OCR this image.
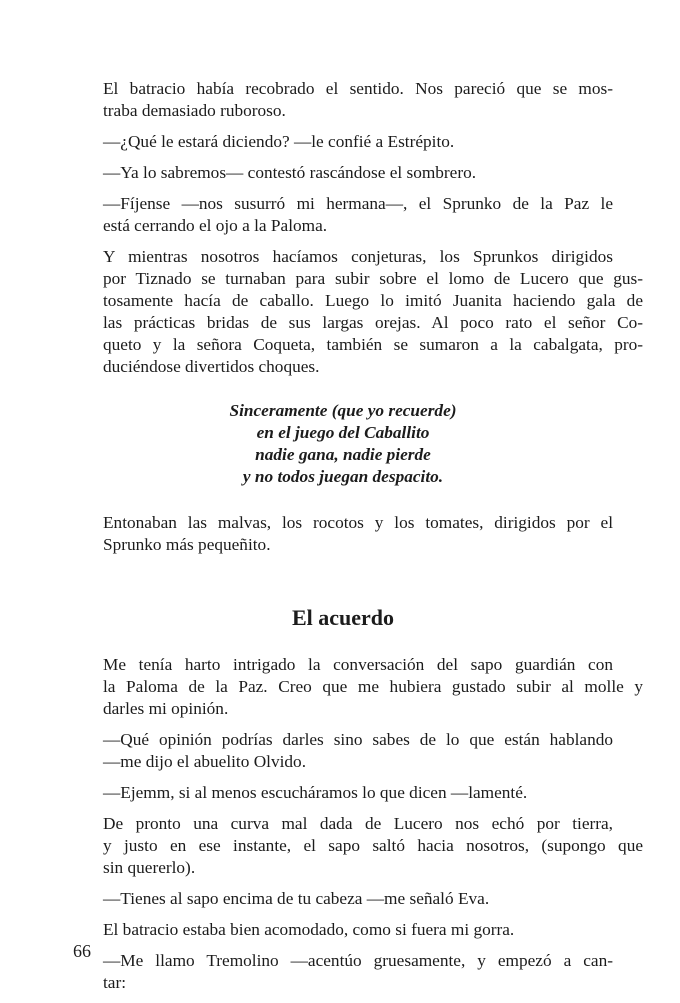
El batracio había recobrado el sentido. Nos pareció que se mos-
traba demasiado ruboroso.

—¿Qué le estará diciendo? —le confié a Estrépito.

—Ya lo sabremos— contestó rascándose el sombrero.

—Fíjense —nos susurró mi hermana—, el Sprunko de la Paz le
está cerrando el ojo a la Paloma.

Y mientras nosotros hacíamos conjeturas, los Sprunkos dirigidos
por Tiznado se turnaban para subir sobre el lomo de Lucero que gus-
tosamente hacía de caballo. Luego lo imitó Juanita haciendo gala de
las prácticas bridas de sus largas orejas. Al poco rato el señor Co-
queto y la señora Coqueta, también se sumaron a la cabalgata, pro-
duciéndose divertidos choques.

Sinceramente (que yo recuerde)
en el juego del Caballito
nadie gana, nadie pierde
y no todos juegan despacito.

Entonaban las malvas, los rocotos y los tomates, dirigidos por el
Sprunko más pequeñito.

El acuerdo

Me tenía harto intrigado la conversación del sapo guardián con
la Paloma de la Paz. Creo que me hubiera gustado subir al molle y
darles mi opinión.

—Qué opinión podrías darles sino sabes de lo que están hablando
—me dijo el abuelito Olvido.

—Ejemm, si al menos escucháramos lo que dicen —lamenté.

De pronto una curva mal dada de Lucero nos echó por tierra,
y justo en ese instante, el sapo saltó hacia nosotros, (supongo que
sin quererlo).

—Tienes al sapo encima de tu cabeza —me señaló Eva.

El batracio estaba bien acomodado, como si fuera mi gorra.

—Me llamo Tremolino —acentúo gruesamente, y empezó a can-
tar:

66
